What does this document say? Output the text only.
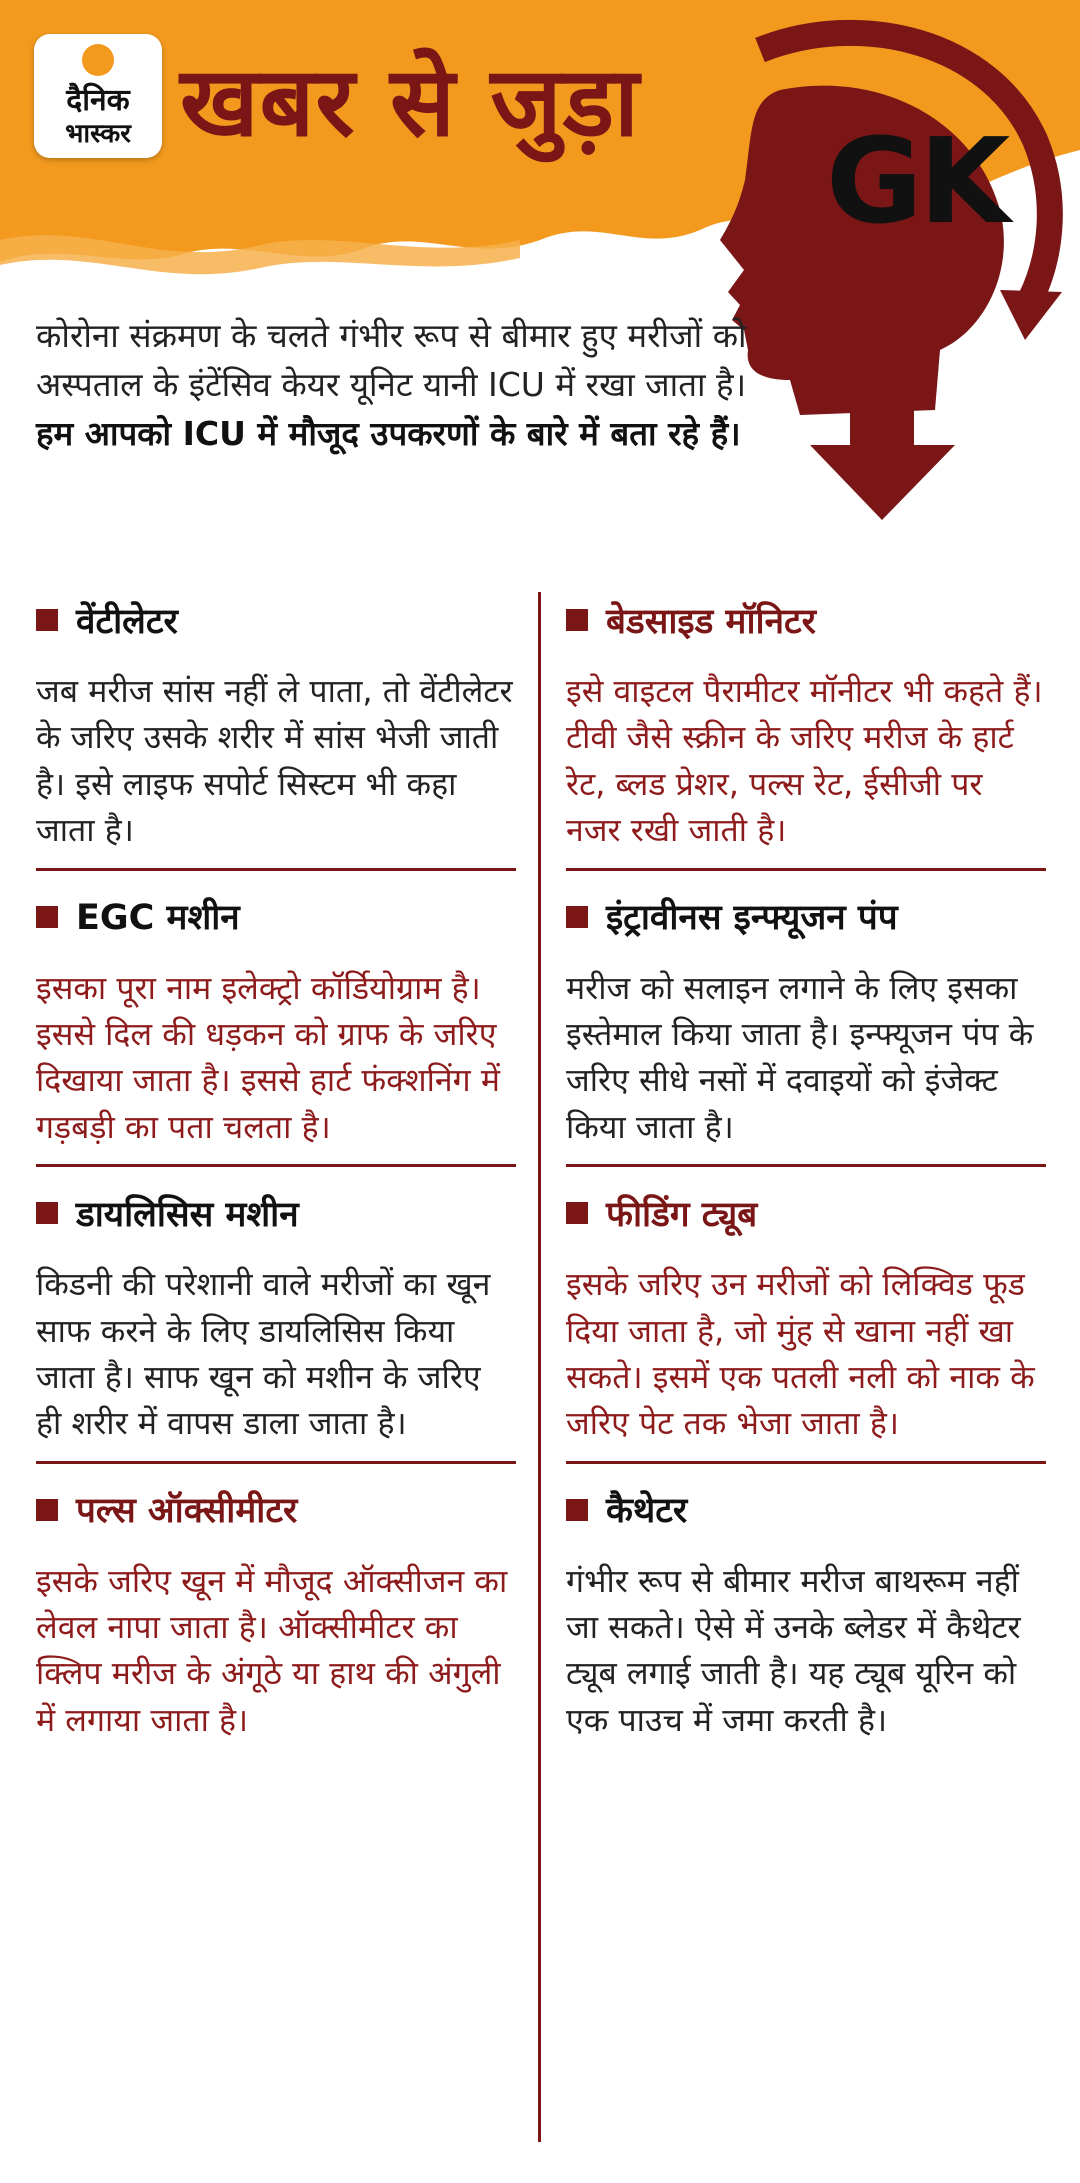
दैनिक
भास्कर खबर से जुड़ा
GK
कोरोना संक्रमण के चलते गंभीर रूप से बीमार हुए मरीजों को अस्पताल के इंटेंसिव केयर यूनिट यानी ICU में रखा जाता है। हम आपको ICU में मौजूद उपकरणों के बारे में बता रहे हैं।
वेंटीलेटर
जब मरीज सांस नहीं ले पाता, तो वेंटीलेटर के जरिए उसके शरीर में सांस भेजी जाती है। इसे लाइफ सपोर्ट सिस्टम भी कहा जाता है।
EGC मशीन
इसका पूरा नाम इलेक्ट्रो कॉर्डियोग्राम है। इससे दिल की धड़कन को ग्राफ के जरिए दिखाया जाता है। इससे हार्ट फंक्शनिंग में गड़बड़ी का पता चलता है।
डायलिसिस मशीन
किडनी की परेशानी वाले मरीजों का खून साफ करने के लिए डायलिसिस किया जाता है। साफ खून को मशीन के जरिए ही शरीर में वापस डाला जाता है।
पल्स ऑक्सीमीटर
इसके जरिए खून में मौजूद ऑक्सीजन का लेवल नापा जाता है। ऑक्सीमीटर का क्लिप मरीज के अंगूठे या हाथ की अंगुली में लगाया जाता है।
बेडसाइड मॉनिटर
इसे वाइटल पैरामीटर मॉनीटर भी कहते हैं। टीवी जैसे स्क्रीन के जरिए मरीज के हार्ट रेट, ब्लड प्रेशर, पल्स रेट, ईसीजी पर नजर रखी जाती है।
इंट्रावीनस इन्फ्यूजन पंप
मरीज को सलाइन लगाने के लिए इसका इस्तेमाल किया जाता है। इन्फ्यूजन पंप के जरिए सीधे नसों में दवाइयों को इंजेक्ट किया जाता है।
फीडिंग ट्यूब
इसके जरिए उन मरीजों को लिक्विड फूड दिया जाता है, जो मुंह से खाना नहीं खा सकते। इसमें एक पतली नली को नाक के जरिए पेट तक भेजा जाता है।
कैथेटर
गंभीर रूप से बीमार मरीज बाथरूम नहीं जा सकते। ऐसे में उनके ब्लेडर में कैथेटर ट्यूब लगाई जाती है। यह ट्यूब यूरिन को एक पाउच में जमा करती है।
